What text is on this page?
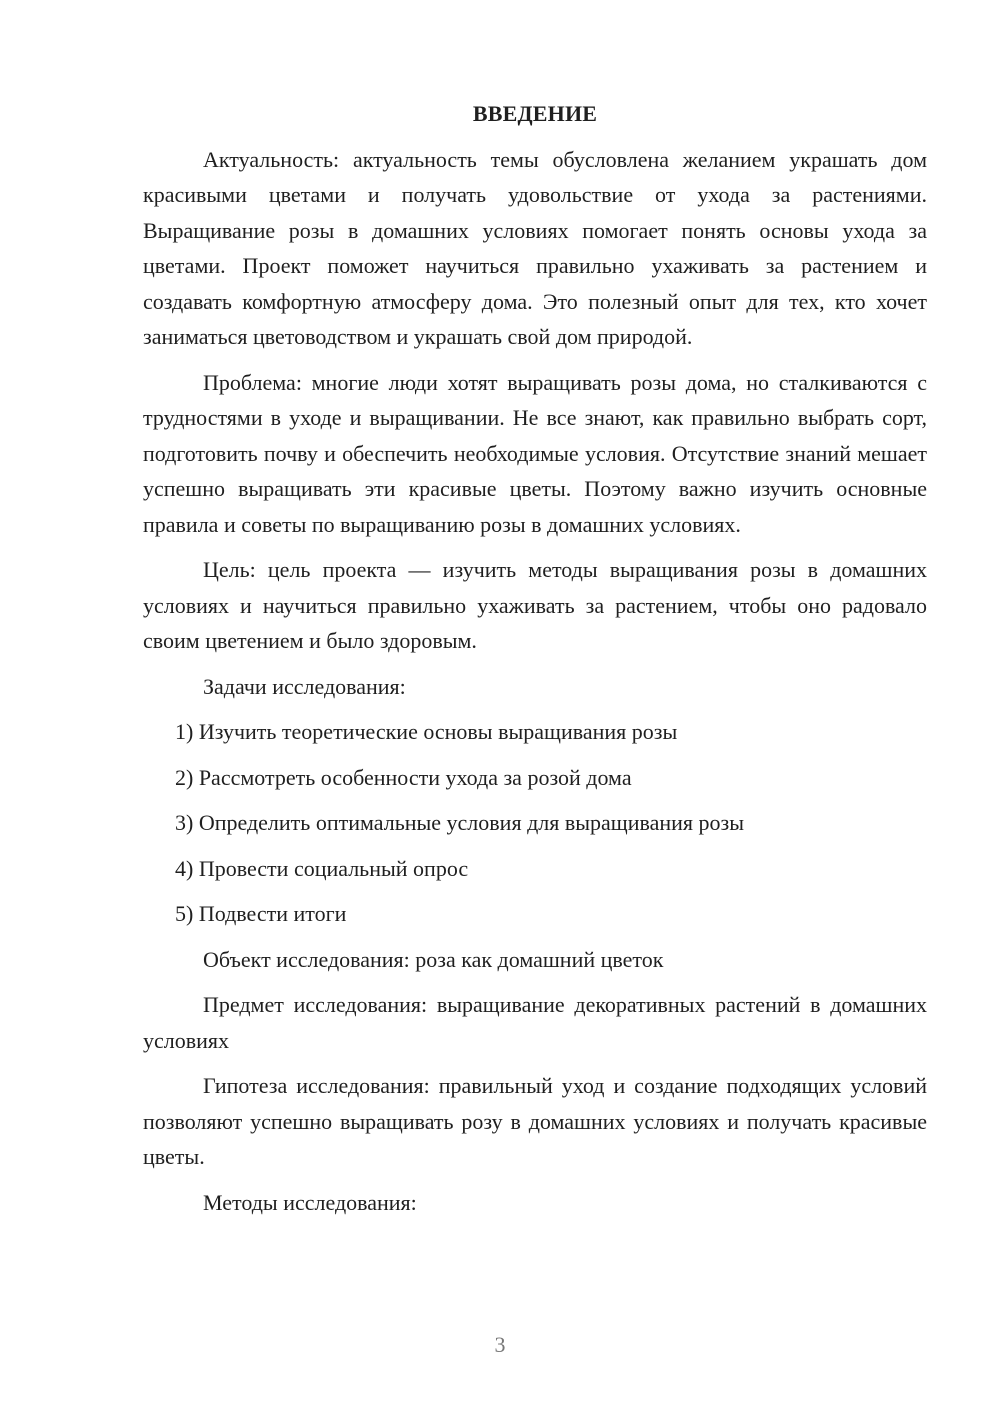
ВВЕДЕНИЕ

Актуальность: актуальность темы обусловлена желанием украшать дом красивыми цветами и получать удовольствие от ухода за растениями. Выращивание розы в домашних условиях помогает понять основы ухода за цветами. Проект поможет научиться правильно ухаживать за растением и создавать комфортную атмосферу дома. Это полезный опыт для тех, кто хочет заниматься цветоводством и украшать свой дом природой.

Проблема: многие люди хотят выращивать розы дома, но сталкиваются с трудностями в уходе и выращивании. Не все знают, как правильно выбрать сорт, подготовить почву и обеспечить необходимые условия. Отсутствие знаний мешает успешно выращивать эти красивые цветы. Поэтому важно изучить основные правила и советы по выращиванию розы в домашних условиях.

Цель: цель проекта — изучить методы выращивания розы в домашних условиях и научиться правильно ухаживать за растением, чтобы оно радовало своим цветением и было здоровым.

Задачи исследования:

1) Изучить теоретические основы выращивания розы
2) Рассмотреть особенности ухода за розой дома
3) Определить оптимальные условия для выращивания розы
4) Провести социальный опрос
5) Подвести итоги

Объект исследования: роза как домашний цветок

Предмет исследования: выращивание декоративных растений в домашних условиях

Гипотеза исследования: правильный уход и создание подходящих условий позволяют успешно выращивать розу в домашних условиях и получать красивые цветы.

Методы исследования:

3
